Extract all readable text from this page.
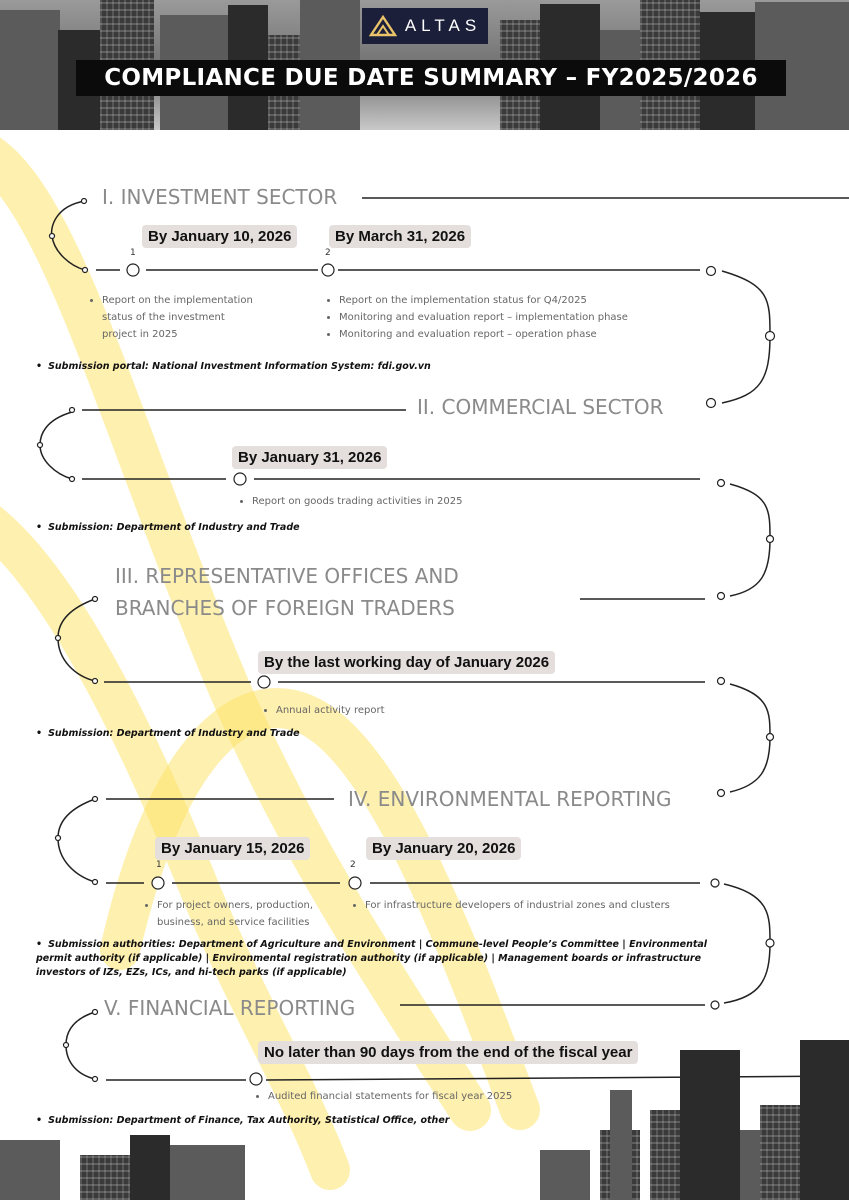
ALTAS
COMPLIANCE DUE DATE SUMMARY – FY2025/2026
I. INVESTMENT SECTOR
By January 10, 2026
1
By March 31, 2026
2
• Report on the implementation status of the investment project in 2025
• Report on the implementation status for Q4/2025
• Monitoring and evaluation report – implementation phase
• Monitoring and evaluation report – operation phase
• Submission portal: National Investment Information System: fdi.gov.vn
II. COMMERCIAL SECTOR
By January 31, 2026
• Report on goods trading activities in 2025
• Submission: Department of Industry and Trade
III. REPRESENTATIVE OFFICES AND
BRANCHES OF FOREIGN TRADERS
By the last working day of January 2026
• Annual activity report
• Submission: Department of Industry and Trade
IV. ENVIRONMENTAL REPORTING
By January 15, 2026
1
By January 20, 2026
2
• For project owners, production, business, and service facilities
• For infrastructure developers of industrial zones and clusters
• Submission authorities: Department of Agriculture and Environment | Commune-level People’s Committee | Environmental permit authority (if applicable) | Environmental registration authority (if applicable) | Management boards or infrastructure investors of IZs, EZs, ICs, and hi-tech parks (if applicable)
V. FINANCIAL REPORTING
No later than 90 days from the end of the fiscal year
• Audited financial statements for fiscal year 2025
• Submission: Department of Finance, Tax Authority, Statistical Office, other
